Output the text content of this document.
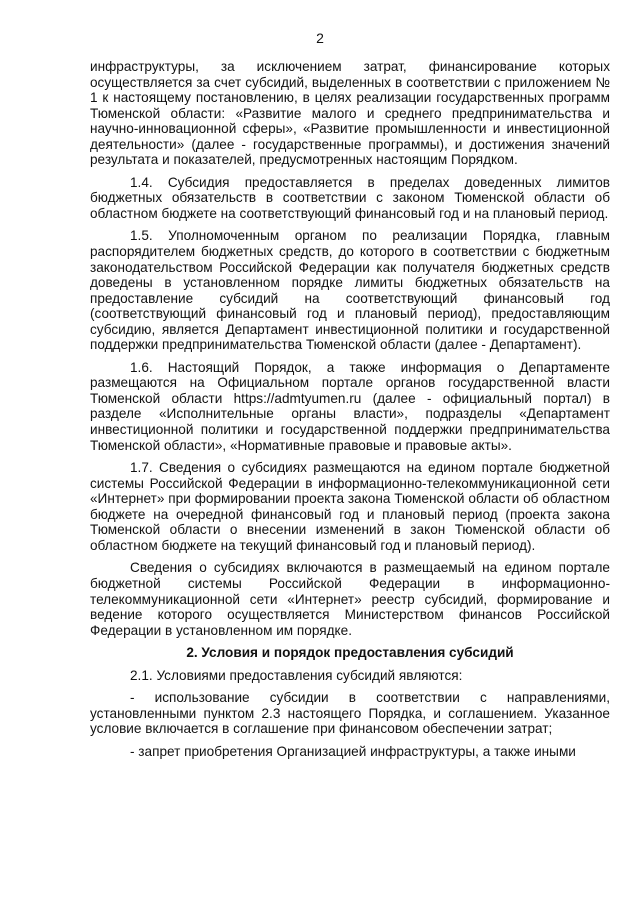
2

инфраструктуры, за исключением затрат, финансирование которых осуществляется за счет субсидий, выделенных в соответствии с приложением № 1 к настоящему постановлению, в целях реализации государственных программ Тюменской области: «Развитие малого и среднего предпринимательства и научно-инновационной сферы», «Развитие промышленности и инвестиционной деятельности» (далее - государственные программы), и достижения значений результата и показателей, предусмотренных настоящим Порядком.

1.4. Субсидия предоставляется в пределах доведенных лимитов бюджетных обязательств в соответствии с законом Тюменской области об областном бюджете на соответствующий финансовый год и на плановый период.

1.5. Уполномоченным органом по реализации Порядка, главным распорядителем бюджетных средств, до которого в соответствии с бюджетным законодательством Российской Федерации как получателя бюджетных средств доведены в установленном порядке лимиты бюджетных обязательств на предоставление субсидий на соответствующий финансовый год (соответствующий финансовый год и плановый период), предоставляющим субсидию, является Департамент инвестиционной политики и государственной поддержки предпринимательства Тюменской области (далее - Департамент).

1.6. Настоящий Порядок, а также информация о Департаменте размещаются на Официальном портале органов государственной власти Тюменской области https://admtyumen.ru (далее - официальный портал) в разделе «Исполнительные органы власти», подразделы «Департамент инвестиционной политики и государственной поддержки предпринимательства Тюменской области», «Нормативные правовые и правовые акты».

1.7. Сведения о субсидиях размещаются на едином портале бюджетной системы Российской Федерации в информационно-телекоммуникационной сети «Интернет» при формировании проекта закона Тюменской области об областном бюджете на очередной финансовый год и плановый период (проекта закона Тюменской области о внесении изменений в закон Тюменской области об областном бюджете на текущий финансовый год и плановый период).

Сведения о субсидиях включаются в размещаемый на едином портале бюджетной системы Российской Федерации в информационно-телекоммуникационной сети «Интернет» реестр субсидий, формирование и ведение которого осуществляется Министерством финансов Российской Федерации в установленном им порядке.

2. Условия и порядок предоставления субсидий

2.1. Условиями предоставления субсидий являются:

- использование субсидии в соответствии с направлениями, установленными пунктом 2.3 настоящего Порядка, и соглашением. Указанное условие включается в соглашение при финансовом обеспечении затрат;

- запрет приобретения Организацией инфраструктуры, а также иными
